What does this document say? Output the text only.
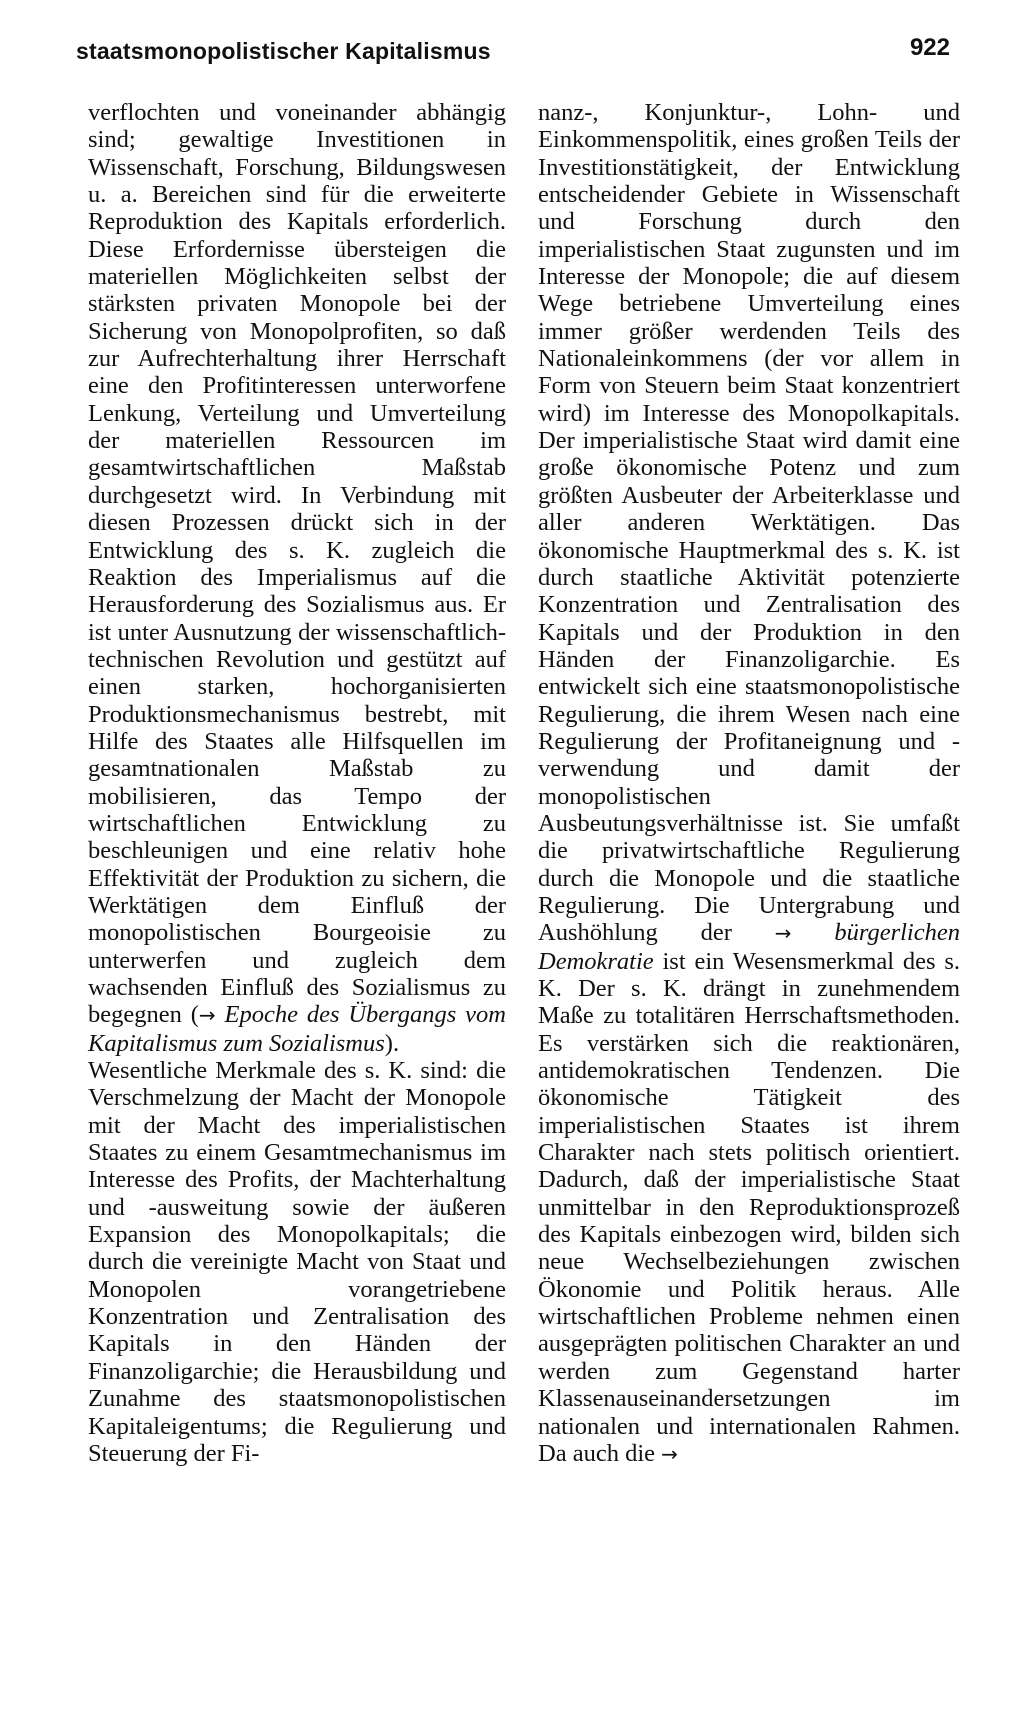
staatsmonopolistischer Kapitalismus	922

verflochten und voneinander abhängig sind; gewaltige Investitionen in Wissenschaft, Forschung, Bildungswesen u. a. Bereichen sind für die erweiterte Reproduktion des Kapitals erforderlich. Diese Erfordernisse übersteigen die materiellen Möglichkeiten selbst der stärksten privaten Monopole bei der Sicherung von Monopolprofiten, so daß zur Aufrechterhaltung ihrer Herrschaft eine den Profitinteressen unterworfene Lenkung, Verteilung und Umverteilung der materiellen Ressourcen im gesamtwirtschaftlichen Maßstab durchgesetzt wird. In Verbindung mit diesen Prozessen drückt sich in der Entwicklung des s. K. zugleich die Reaktion des Imperialismus auf die Herausforderung des Sozialismus aus. Er ist unter Ausnutzung der wissenschaftlich-technischen Revolution und gestützt auf einen starken, hochorganisierten Produktionsmechanismus bestrebt, mit Hilfe des Staates alle Hilfsquellen im gesamtnationalen Maßstab zu mobilisieren, das Tempo der wirtschaftlichen Entwicklung zu beschleunigen und eine relativ hohe Effektivität der Produktion zu sichern, die Werktätigen dem Einfluß der monopolistischen Bourgeoisie zu unterwerfen und zugleich dem wachsenden Einfluß des Sozialismus zu begegnen (→ Epoche des Übergangs vom Kapitalismus zum Sozialismus).

Wesentliche Merkmale des s. K. sind: die Verschmelzung der Macht der Monopole mit der Macht des imperialistischen Staates zu einem Gesamtmechanismus im Interesse des Profits, der Machterhaltung und -ausweitung sowie der äußeren Expansion des Monopolkapitals; die durch die vereinigte Macht von Staat und Monopolen vorangetriebene Konzentration und Zentralisation des Kapitals in den Händen der Finanzoligarchie; die Herausbildung und Zunahme des staatsmonopolistischen Kapitaleigentums; die Regulierung und Steuerung der Fi-

nanz-, Konjunktur-, Lohn- und Einkommenspolitik, eines großen Teils der Investitionstätigkeit, der Entwicklung entscheidender Gebiete in Wissenschaft und Forschung durch den imperialistischen Staat zugunsten und im Interesse der Monopole; die auf diesem Wege betriebene Umverteilung eines immer größer werdenden Teils des Nationaleinkommens (der vor allem in Form von Steuern beim Staat konzentriert wird) im Interesse des Monopolkapitals. Der imperialistische Staat wird damit eine große ökonomische Potenz und zum größten Ausbeuter der Arbeiterklasse und aller anderen Werktätigen. Das ökonomische Hauptmerkmal des s. K. ist durch staatliche Aktivität potenzierte Konzentration und Zentralisation des Kapitals und der Produktion in den Händen der Finanzoligarchie. Es entwickelt sich eine staatsmonopolistische Regulierung, die ihrem Wesen nach eine Regulierung der Profitaneignung und -verwendung und damit der monopolistischen Ausbeutungsverhältnisse ist. Sie umfaßt die privatwirtschaftliche Regulierung durch die Monopole und die staatliche Regulierung. Die Untergrabung und Aushöhlung der → bürgerlichen Demokratie ist ein Wesensmerkmal des s. K. Der s. K. drängt in zunehmendem Maße zu totalitären Herrschaftsmethoden. Es verstärken sich die reaktionären, antidemokratischen Tendenzen. Die ökonomische Tätigkeit des imperialistischen Staates ist ihrem Charakter nach stets politisch orientiert. Dadurch, daß der imperialistische Staat unmittelbar in den Reproduktionsprozeß des Kapitals einbezogen wird, bilden sich neue Wechselbeziehungen zwischen Ökonomie und Politik heraus. Alle wirtschaftlichen Probleme nehmen einen ausgeprägten politischen Charakter an und werden zum Gegenstand harter Klassenauseinandersetzungen im nationalen und internationalen Rahmen. Da auch die →
